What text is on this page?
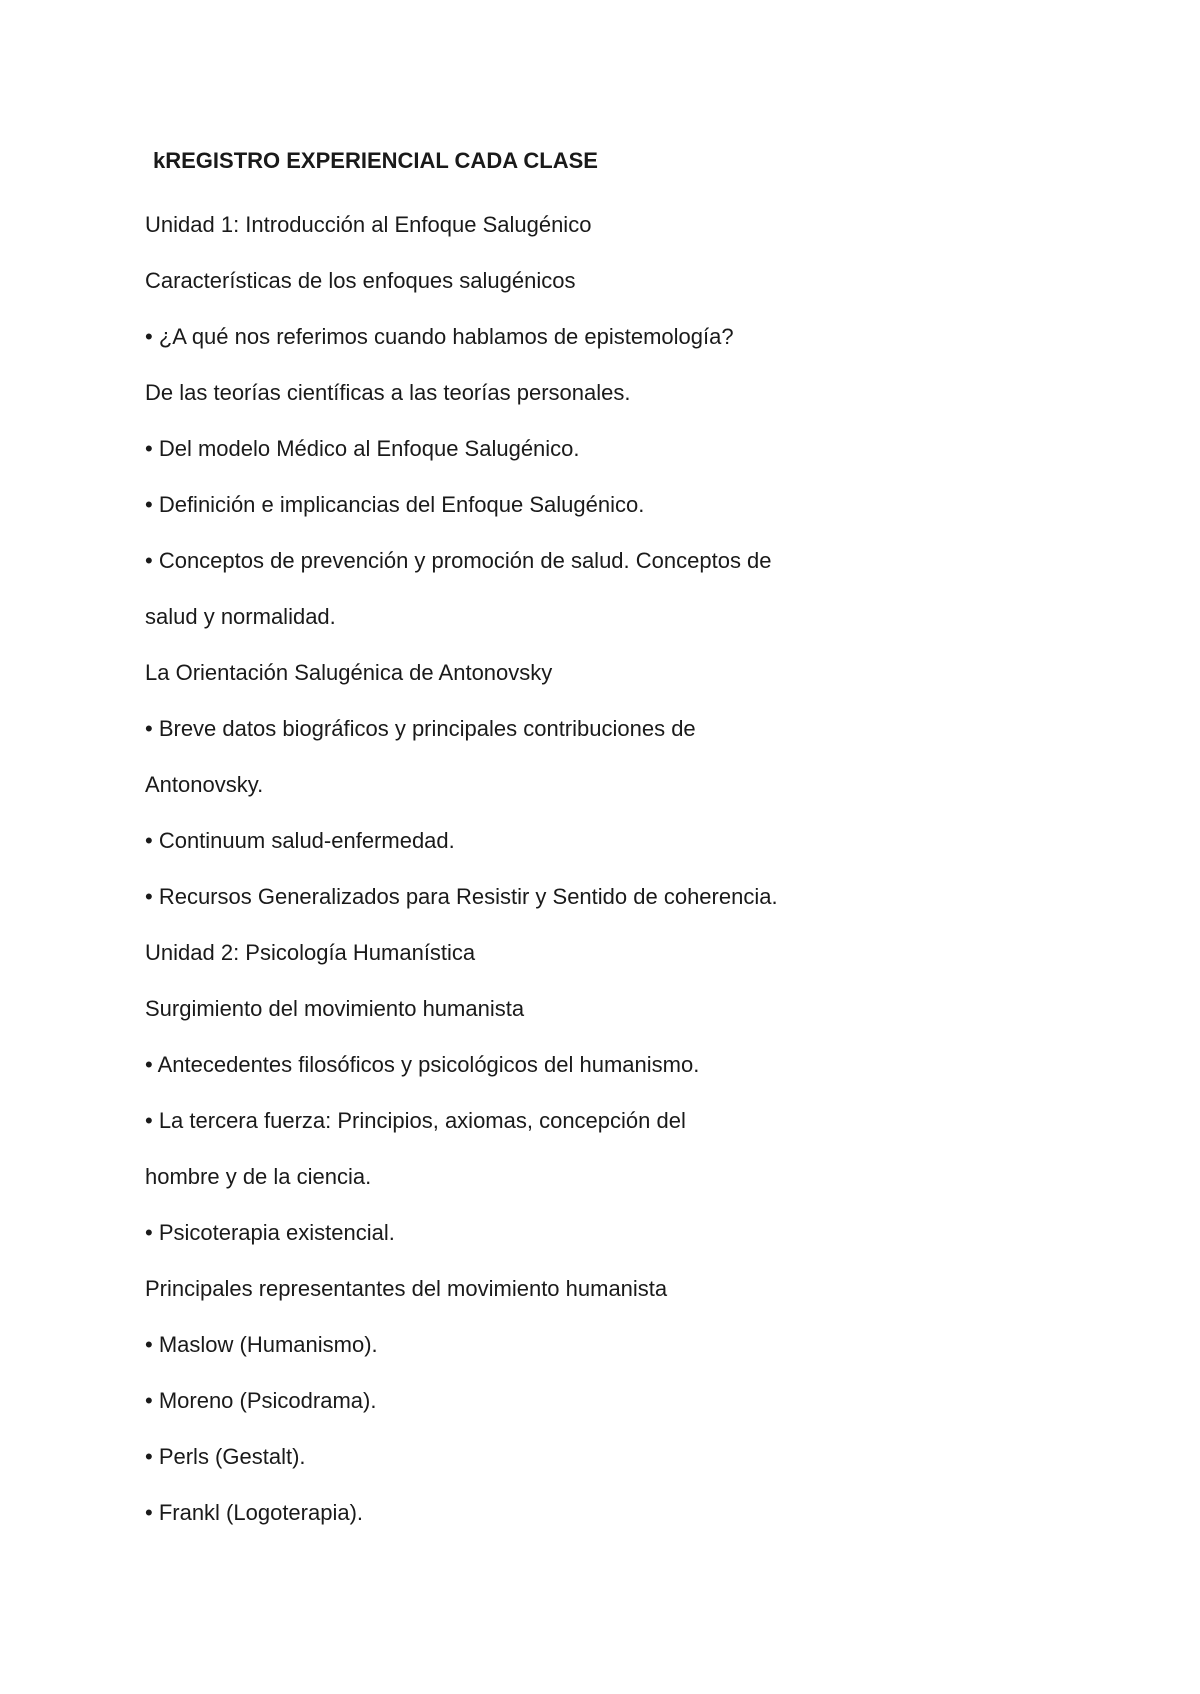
kREGISTRO EXPERIENCIAL CADA CLASE

Unidad 1: Introducción al Enfoque Salugénico

Características de los enfoques salugénicos

• ¿A qué nos referimos cuando hablamos de epistemología?

De las teorías científicas a las teorías personales.

• Del modelo Médico al Enfoque Salugénico.

• Definición e implicancias del Enfoque Salugénico.

• Conceptos de prevención y promoción de salud. Conceptos de

salud y normalidad.

La Orientación Salugénica de Antonovsky

• Breve datos biográficos y principales contribuciones de

Antonovsky.

• Continuum salud-enfermedad.

• Recursos Generalizados para Resistir y Sentido de coherencia.

Unidad 2: Psicología Humanística

Surgimiento del movimiento humanista

• Antecedentes filosóficos y psicológicos del humanismo.

• La tercera fuerza: Principios, axiomas, concepción del

hombre y de la ciencia.

• Psicoterapia existencial.

Principales representantes del movimiento humanista

• Maslow (Humanismo).

• Moreno (Psicodrama).

• Perls (Gestalt).

• Frankl (Logoterapia).
